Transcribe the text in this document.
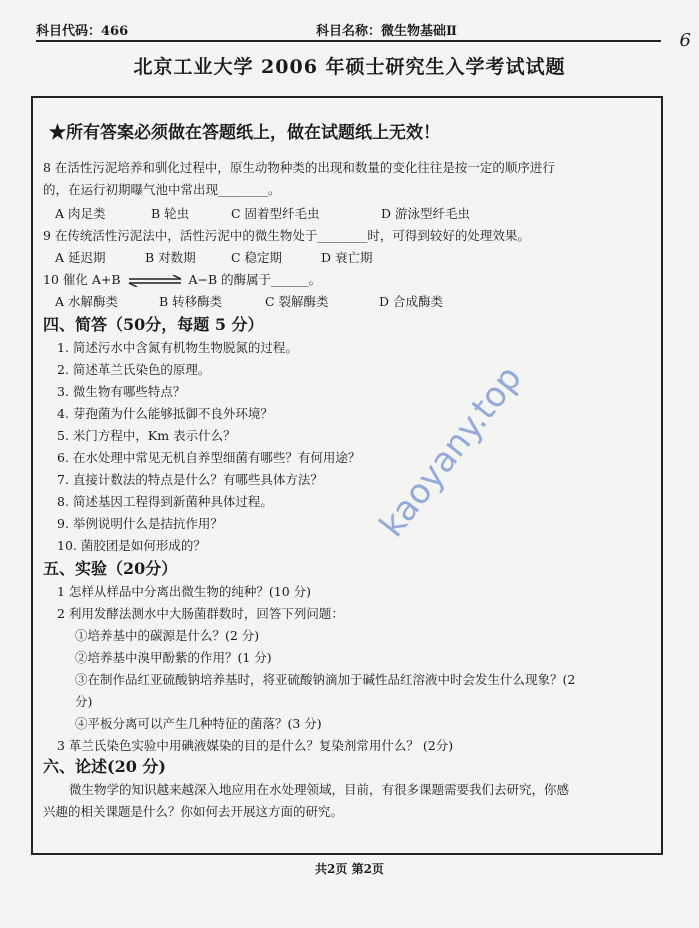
科目代码：466	科目名称：微生物基础Ⅱ	6
北京工业大学 2006 年硕士研究生入学考试试题
★所有答案必须做在答题纸上，做在试题纸上无效！
8 在活性污泥培养和驯化过程中，原生动物种类的出现和数量的变化往往是按一定的顺序进行
的，在运行初期曝气池中常出现________。
A 肉足类	B 轮虫	C 固着型纤毛虫	D 游泳型纤毛虫
9 在传统活性污泥法中，活性污泥中的微生物处于________时，可得到较好的处理效果。
A 延迟期	B 对数期	C 稳定期	D 衰亡期
10 催化 A+B	A−B 的酶属于______。
A 水解酶类	B 转移酶类	C 裂解酶类	D 合成酶类
四、简答（50分，每题 5 分）
1. 简述污水中含氮有机物生物脱氮的过程。
2. 简述革兰氏染色的原理。
3. 微生物有哪些特点？
4. 芽孢菌为什么能够抵御不良外环境？
5. 米门方程中，Km 表示什么？
6. 在水处理中常见无机自养型细菌有哪些？有何用途？
7. 直接计数法的特点是什么？有哪些具体方法？
8. 简述基因工程得到新菌种具体过程。
9. 举例说明什么是拮抗作用？
10. 菌胶团是如何形成的？
五、实验（20分）
1 怎样从样品中分离出微生物的纯种？(10 分)
2 利用发酵法测水中大肠菌群数时，回答下列问题：
①培养基中的碳源是什么？(2 分)
②培养基中溴甲酚紫的作用？(1 分)
③在制作品红亚硫酸钠培养基时，将亚硫酸钠滴加于碱性品红溶液中时会发生什么现象？(2
分)
④平板分离可以产生几种特征的菌落？(3 分)
3 革兰氏染色实验中用碘液媒染的目的是什么？复染剂常用什么？ (2分)
六、论述(20 分)
微生物学的知识越来越深入地应用在水处理领域，目前，有很多课题需要我们去研究，你感
兴趣的相关课题是什么？你如何去开展这方面的研究。
共2页 第2页
kaoyany.top
